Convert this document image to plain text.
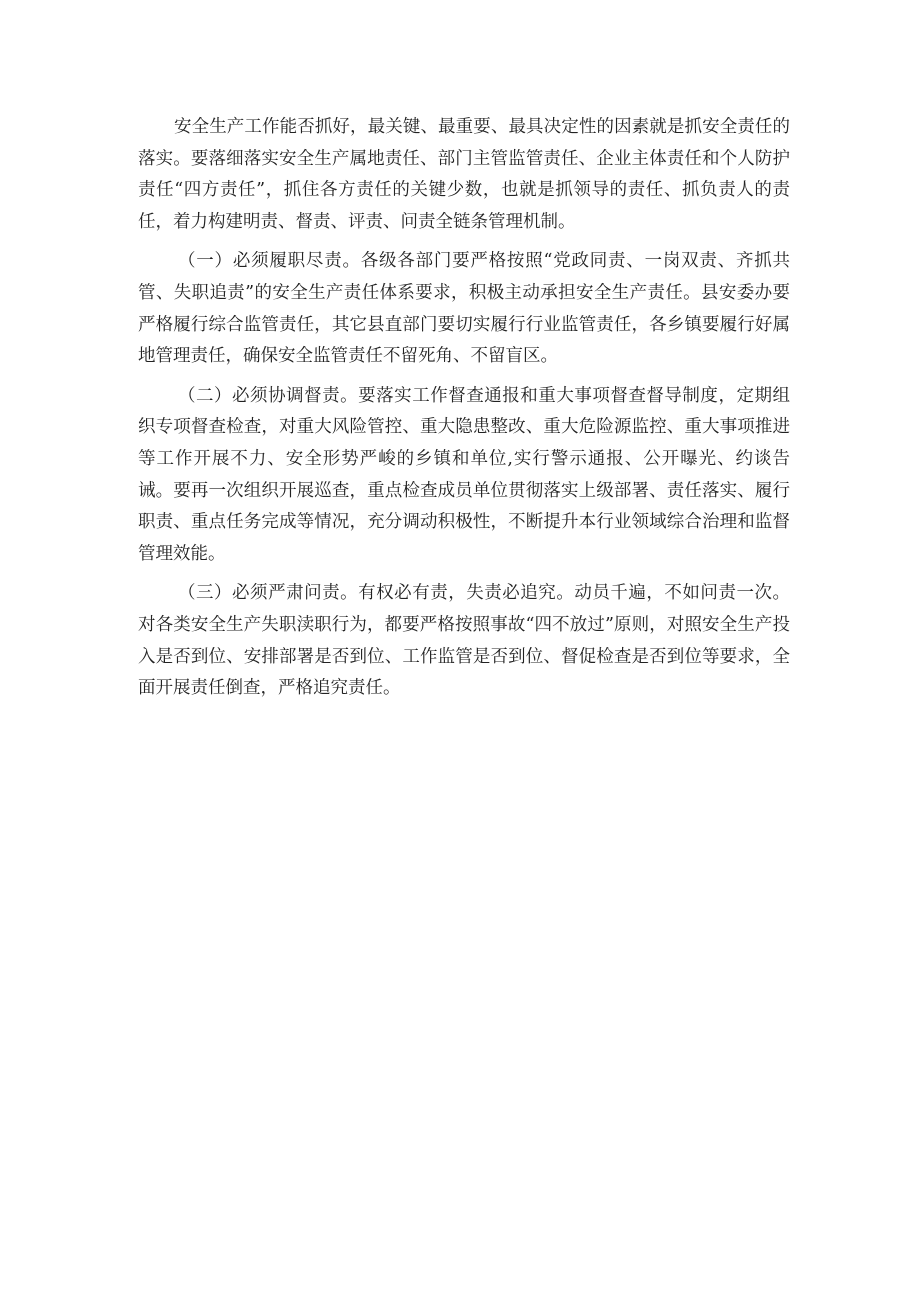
安全生产工作能否抓好，最关键、最重要、最具决定性的因素就是抓安全责任的落实。要落细落实安全生产属地责任、部门主管监管责任、企业主体责任和个人防护责任“四方责任”，抓住各方责任的关键少数，也就是抓领导的责任、抓负责人的责任，着力构建明责、督责、评责、问责全链条管理机制。

（一）必须履职尽责。各级各部门要严格按照“党政同责、一岗双责、齐抓共管、失职追责”的安全生产责任体系要求，积极主动承担安全生产责任。县安委办要严格履行综合监管责任，其它县直部门要切实履行行业监管责任，各乡镇要履行好属地管理责任，确保安全监管责任不留死角、不留盲区。

（二）必须协调督责。要落实工作督查通报和重大事项督查督导制度，定期组织专项督查检查，对重大风险管控、重大隐患整改、重大危险源监控、重大事项推进等工作开展不力、安全形势严峻的乡镇和单位,实行警示通报、公开曝光、约谈告诫。要再一次组织开展巡查，重点检查成员单位贯彻落实上级部署、责任落实、履行职责、重点任务完成等情况，充分调动积极性，不断提升本行业领域综合治理和监督管理效能。

（三）必须严肃问责。有权必有责，失责必追究。动员千遍，不如问责一次。对各类安全生产失职渎职行为，都要严格按照事故“四不放过”原则，对照安全生产投入是否到位、安排部署是否到位、工作监管是否到位、督促检查是否到位等要求，全面开展责任倒查，严格追究责任。
